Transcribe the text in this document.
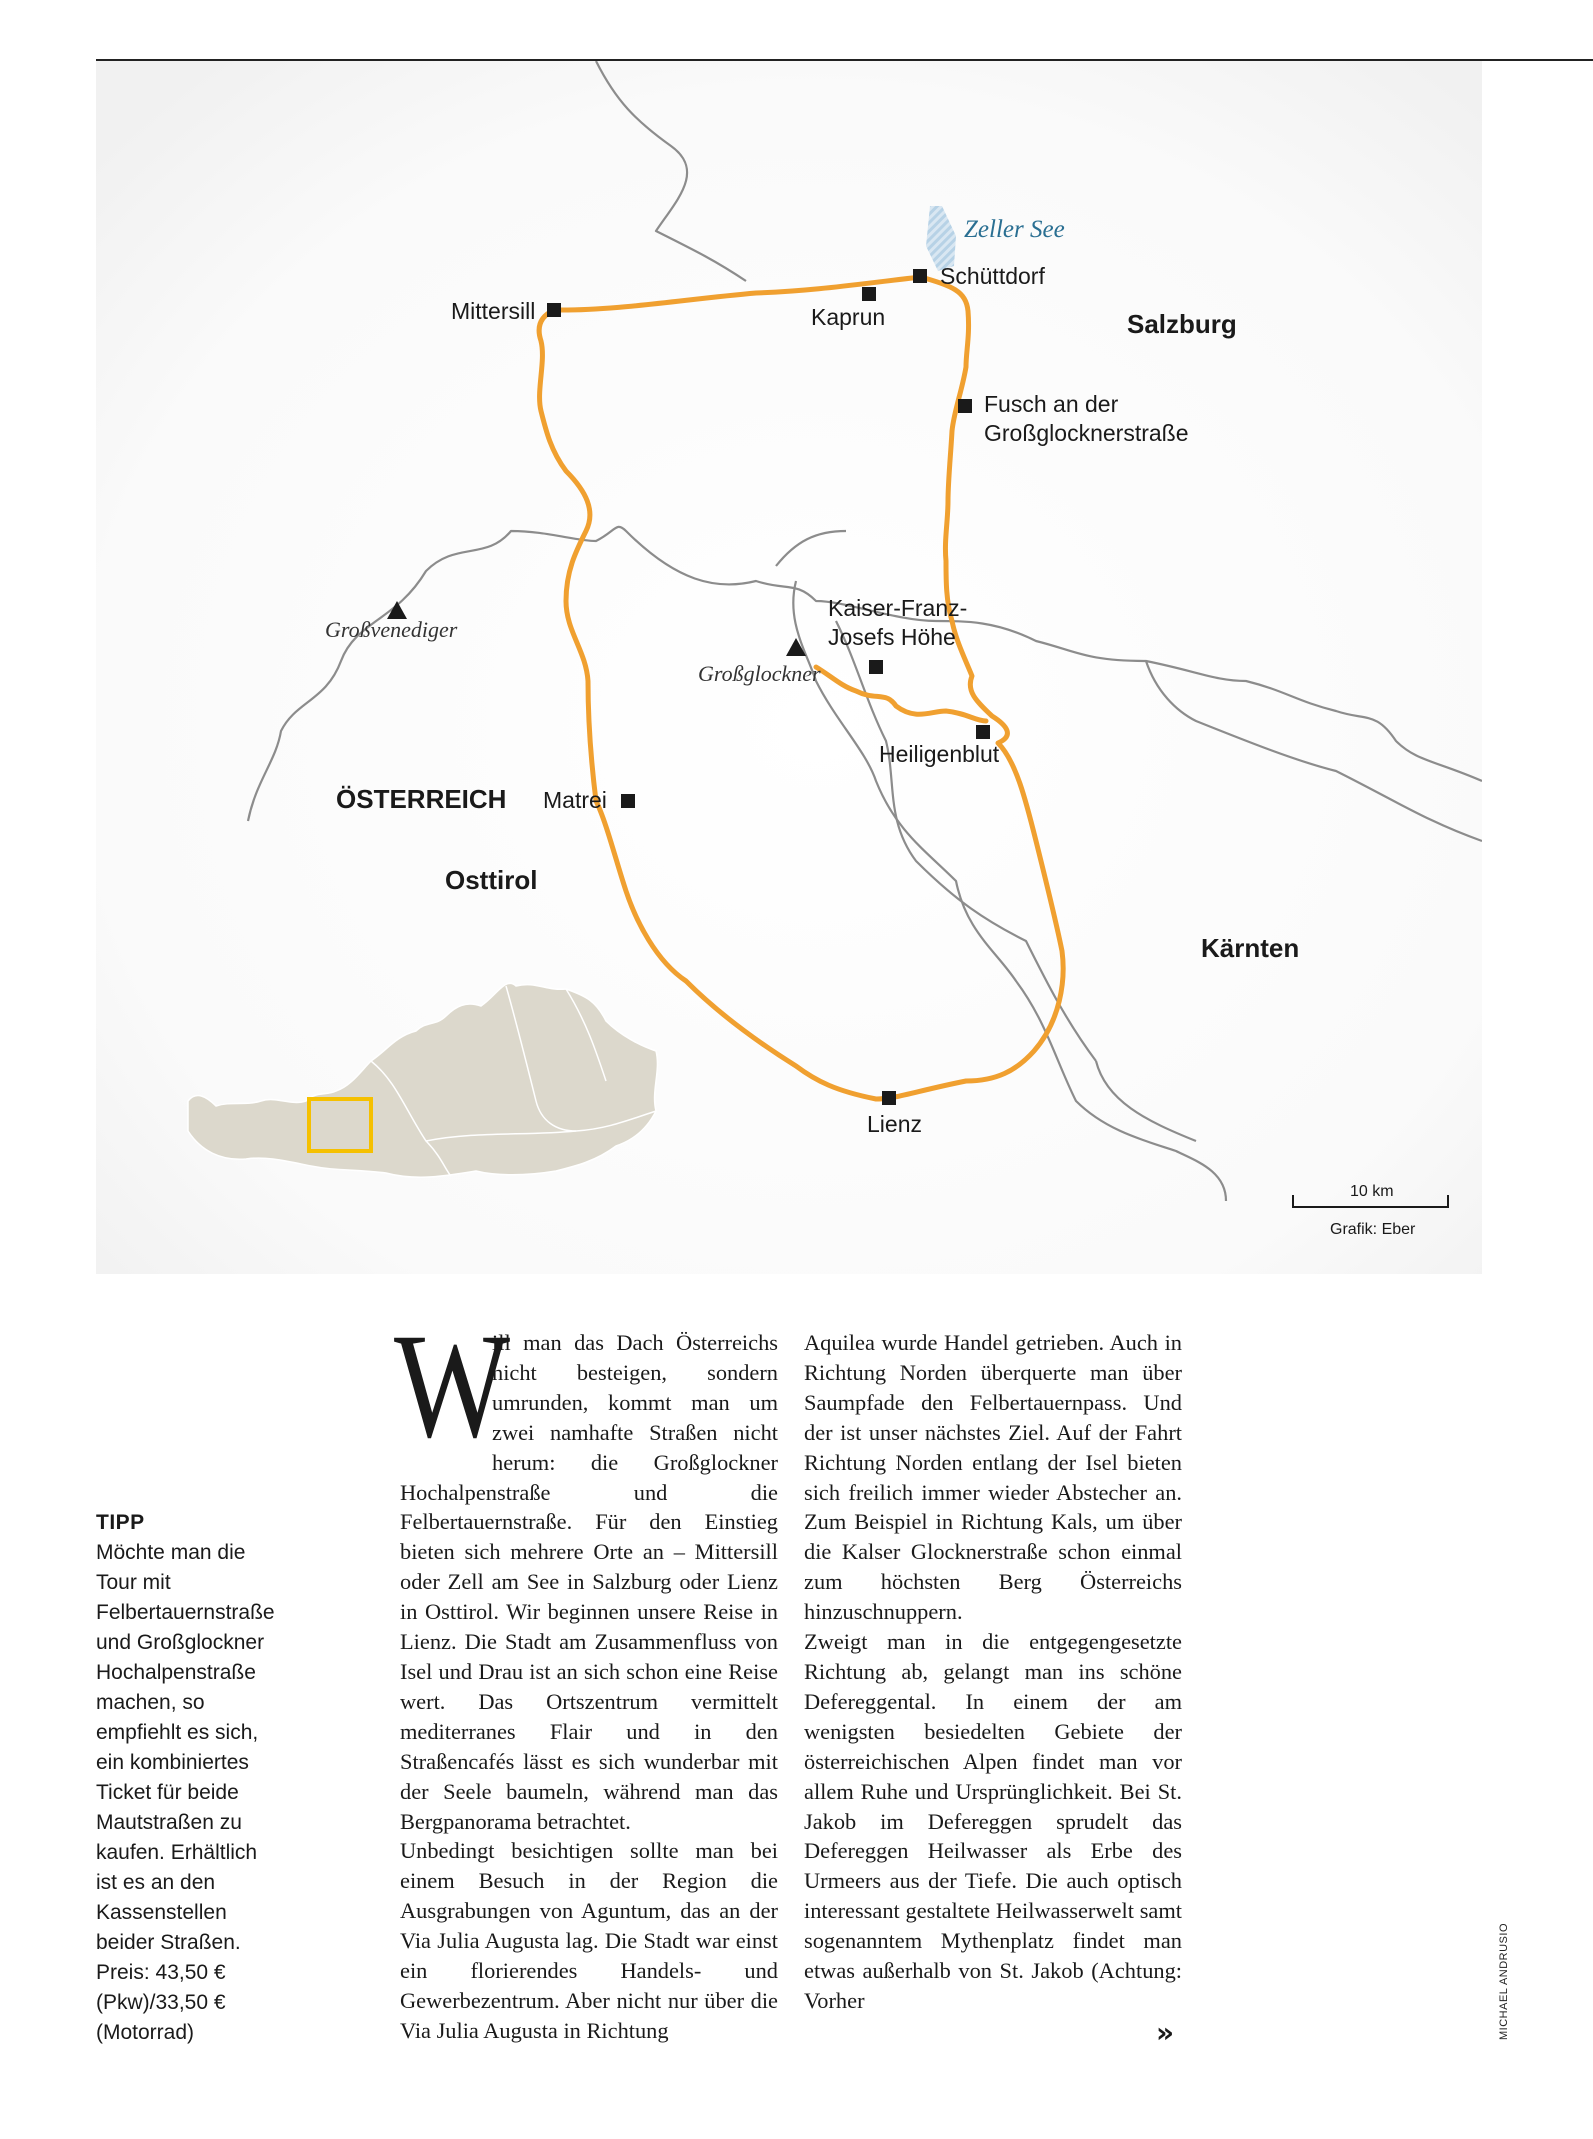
Zeller See
Schüttdorf
Mittersill	Kaprun	Salzburg
Fusch an der
Großglocknerstraße
Kaiser-Franz-
Josefs Höhe
Großvenediger
Großglockner
Heiligenblut
ÖSTERREICH Matrei
Osttirol
Kärnten
Lienz
10 km
Grafik: Eber
TIPP
Möchte man die
Tour mit
Felbertauernstraße
und Großglockner
Hochalpenstraße
machen, so
empfiehlt es sich,
ein kombiniertes
Ticket für beide
Mautstraßen zu
kaufen. Erhältlich
ist es an den
Kassenstellen
beider Straßen.
Preis: 43,50 €
(Pkw)/33,50 €
(Motorrad)
W

ill man das Dach Österreichs nicht besteigen, sondern umrunden, kommt man um zwei namhafte Straßen nicht herum: die Großglockner Hochalpenstraße und die Felbertauernstraße. Für den Einstieg bieten sich mehrere Orte an – Mittersill oder Zell am See in Salzburg oder Lienz in Osttirol. Wir beginnen unsere Reise in Lienz. Die Stadt am Zusammenfluss von Isel und Drau ist an sich schon eine Reise wert. Das Ortszentrum vermittelt mediterranes Flair und in den Straßencafés lässt es sich wunderbar mit der Seele baumeln, während man das Bergpanorama betrachtet.

Unbedingt besichtigen sollte man bei einem Besuch in der Region die Ausgrabungen von Aguntum, das an der Via Julia Augusta lag. Die Stadt war einst ein florierendes Handels- und Gewerbezentrum. Aber nicht nur über die Via Julia Augusta in Richtung

Aquilea wurde Handel getrieben. Auch in Richtung Norden überquerte man über Saumpfade den Felbertauernpass. Und der ist unser nächstes Ziel. Auf der Fahrt Richtung Norden entlang der Isel bieten sich freilich immer wieder Abstecher an. Zum Beispiel in Richtung Kals, um über die Kalser Glocknerstraße schon einmal zum höchsten Berg Österreichs hinzuschnuppern.

Zweigt man in die entgegengesetzte Richtung ab, gelangt man ins schöne Defereggental. In einem der am wenigsten besiedelten Gebiete der österreichischen Alpen findet man vor allem Ruhe und Ursprünglichkeit. Bei St. Jakob im Defereggen sprudelt das Defereggen Heilwasser als Erbe des Urmeers aus der Tiefe. Die auch optisch interessant gestaltete Heilwasserwelt samt sogenanntem Mythenplatz findet man etwas außerhalb von St. Jakob (Achtung: Vorher

»	MICHAEL ANDRUSIO
